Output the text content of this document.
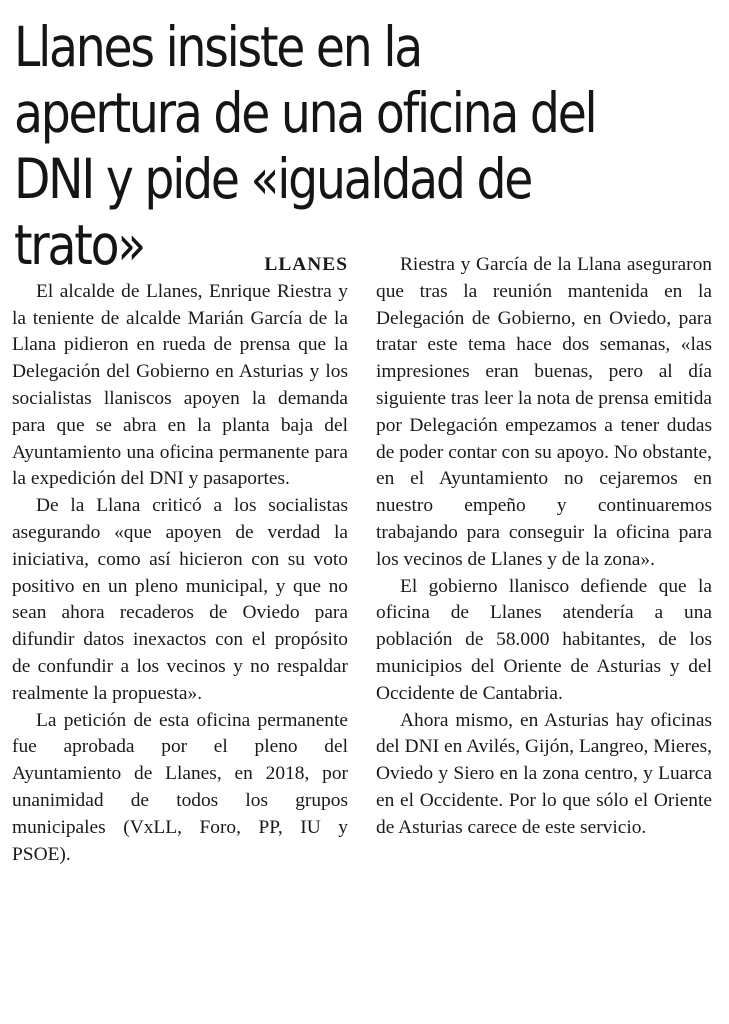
Llanes insiste en la apertura de una oficina del DNI y pide «igualdad de trato»	LLANES

El alcalde de Llanes, Enrique Riestra y la teniente de alcalde Marián García de la Llana pidieron en rueda de prensa que la Delegación del Gobierno en Asturias y los socialistas llaniscos apoyen la demanda para que se abra en la planta baja del Ayuntamiento una oficina permanente para la expedición del DNI y pasaportes.

De la Llana criticó a los socialistas asegurando «que apoyen de verdad la iniciativa, como así hicieron con su voto positivo en un pleno municipal, y que no sean ahora recaderos de Oviedo para difundir datos inexactos con el propósito de confundir a los vecinos y no respaldar realmente la propuesta».

La petición de esta oficina permanente fue aprobada por el pleno del Ayuntamiento de Llanes, en 2018, por unanimidad de todos los grupos municipales (VxLL, Foro, PP, IU y PSOE).

Riestra y García de la Llana aseguraron que tras la reunión mantenida en la Delegación de Gobierno, en Oviedo, para tratar este tema hace dos semanas, «las impresiones eran buenas, pero al día siguiente tras leer la nota de prensa emitida por Delegación empezamos a tener dudas de poder contar con su apoyo. No obstante, en el Ayuntamiento no cejaremos en nuestro empeño y continuaremos trabajando para conseguir la oficina para los vecinos de Llanes y de la zona».

El gobierno llanisco defiende que la oficina de Llanes atendería a una población de 58.000 habitantes, de los municipios del Oriente de Asturias y del Occidente de Cantabria.

Ahora mismo, en Asturias hay oficinas del DNI en Avilés, Gijón, Langreo, Mieres, Oviedo y Siero en la zona centro, y Luarca en el Occidente. Por lo que sólo el Oriente de Asturias carece de este servicio.
